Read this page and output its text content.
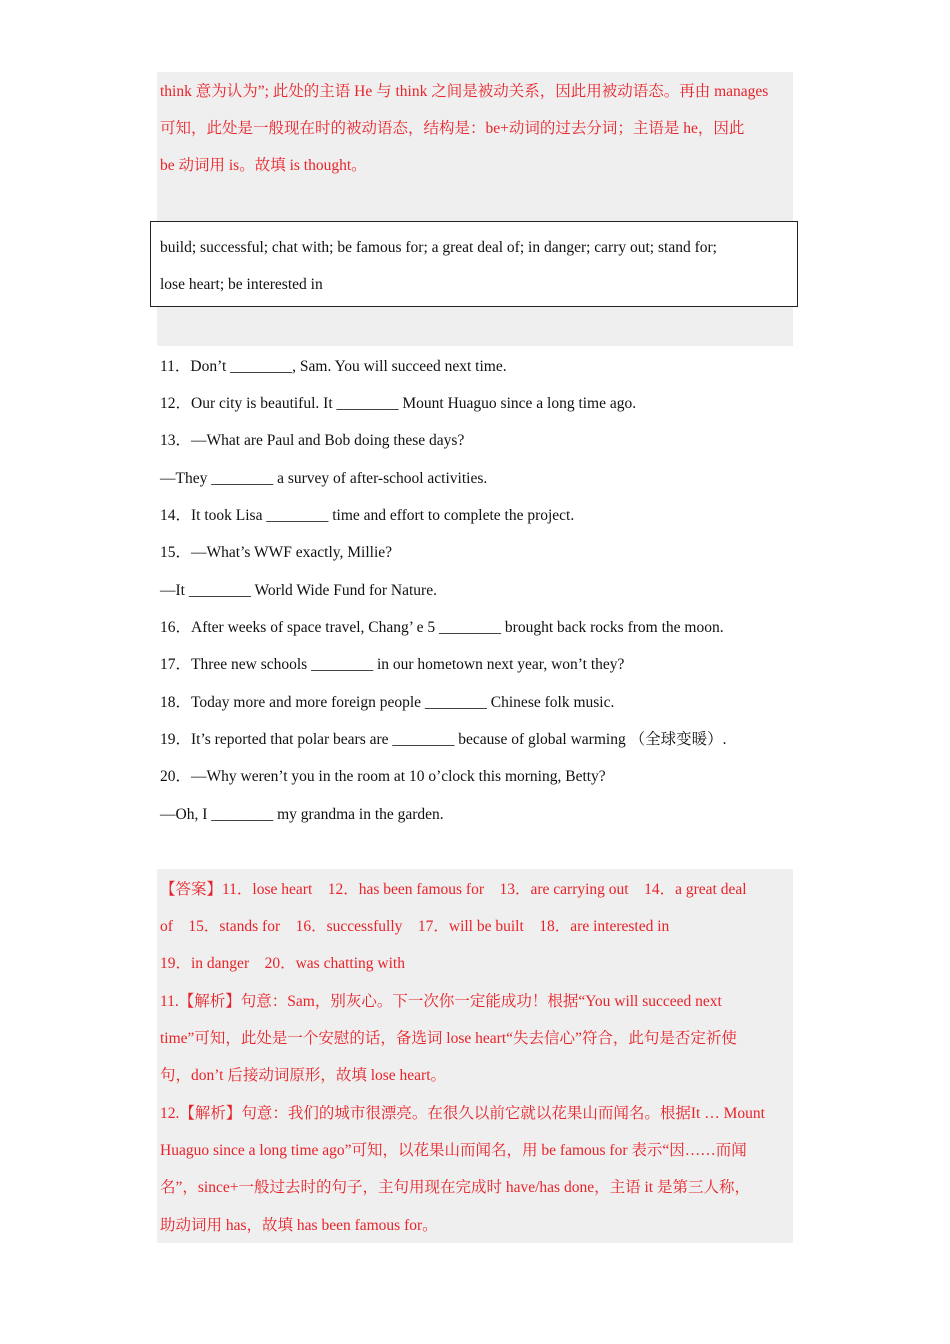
think 意为认为”; 此处的主语 He 与 think 之间是被动关系，因此用被动语态。再由 manages
可知，此处是一般现在时的被动语态，结构是：be+动词的过去分词；主语是 he，因此
be 动词用 is。故填 is thought。
build; successful; chat with; be famous for; a great deal of; in danger; carry out; stand for;
lose heart; be interested in
11．Don’t ________, Sam. You will succeed next time.
12．Our city is beautiful. It ________ Mount Huaguo since a long time ago.
13．—What are Paul and Bob doing these days?
—They ________ a survey of after-school activities.
14．It took Lisa ________ time and effort to complete the project.
15．—What’s WWF exactly, Millie?
—It ________ World Wide Fund for Nature.
16．After weeks of space travel, Chang’ e 5 ________ brought back rocks from the moon.
17．Three new schools ________ in our hometown next year, won’t they?
18．Today more and more foreign people ________ Chinese folk music.
19．It’s reported that polar bears are ________ because of global warming （全球变暖）.
20．—Why weren’t you in the room at 10 o’clock this morning, Betty?
—Oh, I ________ my grandma in the garden.
【答案】11．lose heart　12．has been famous for　13．are carrying out　14．a great deal
of　15．stands for　16．successfully　17．will be built　18．are interested in
19．in danger　20．was chatting with
11.【解析】句意：Sam，别灰心。下一次你一定能成功！根据“You will succeed next
time”可知，此处是一个安慰的话，备选词 lose heart“失去信心”符合，此句是否定祈使
句，don’t 后接动词原形，故填 lose heart。
12.【解析】句意：我们的城市很漂亮。在很久以前它就以花果山而闻名。根据It … Mount
Huaguo since a long time ago”可知，以花果山而闻名，用 be famous for 表示“因……而闻
名”，since+一般过去时的句子，主句用现在完成时 have/has done，主语 it 是第三人称，
助动词用 has，故填 has been famous for。
